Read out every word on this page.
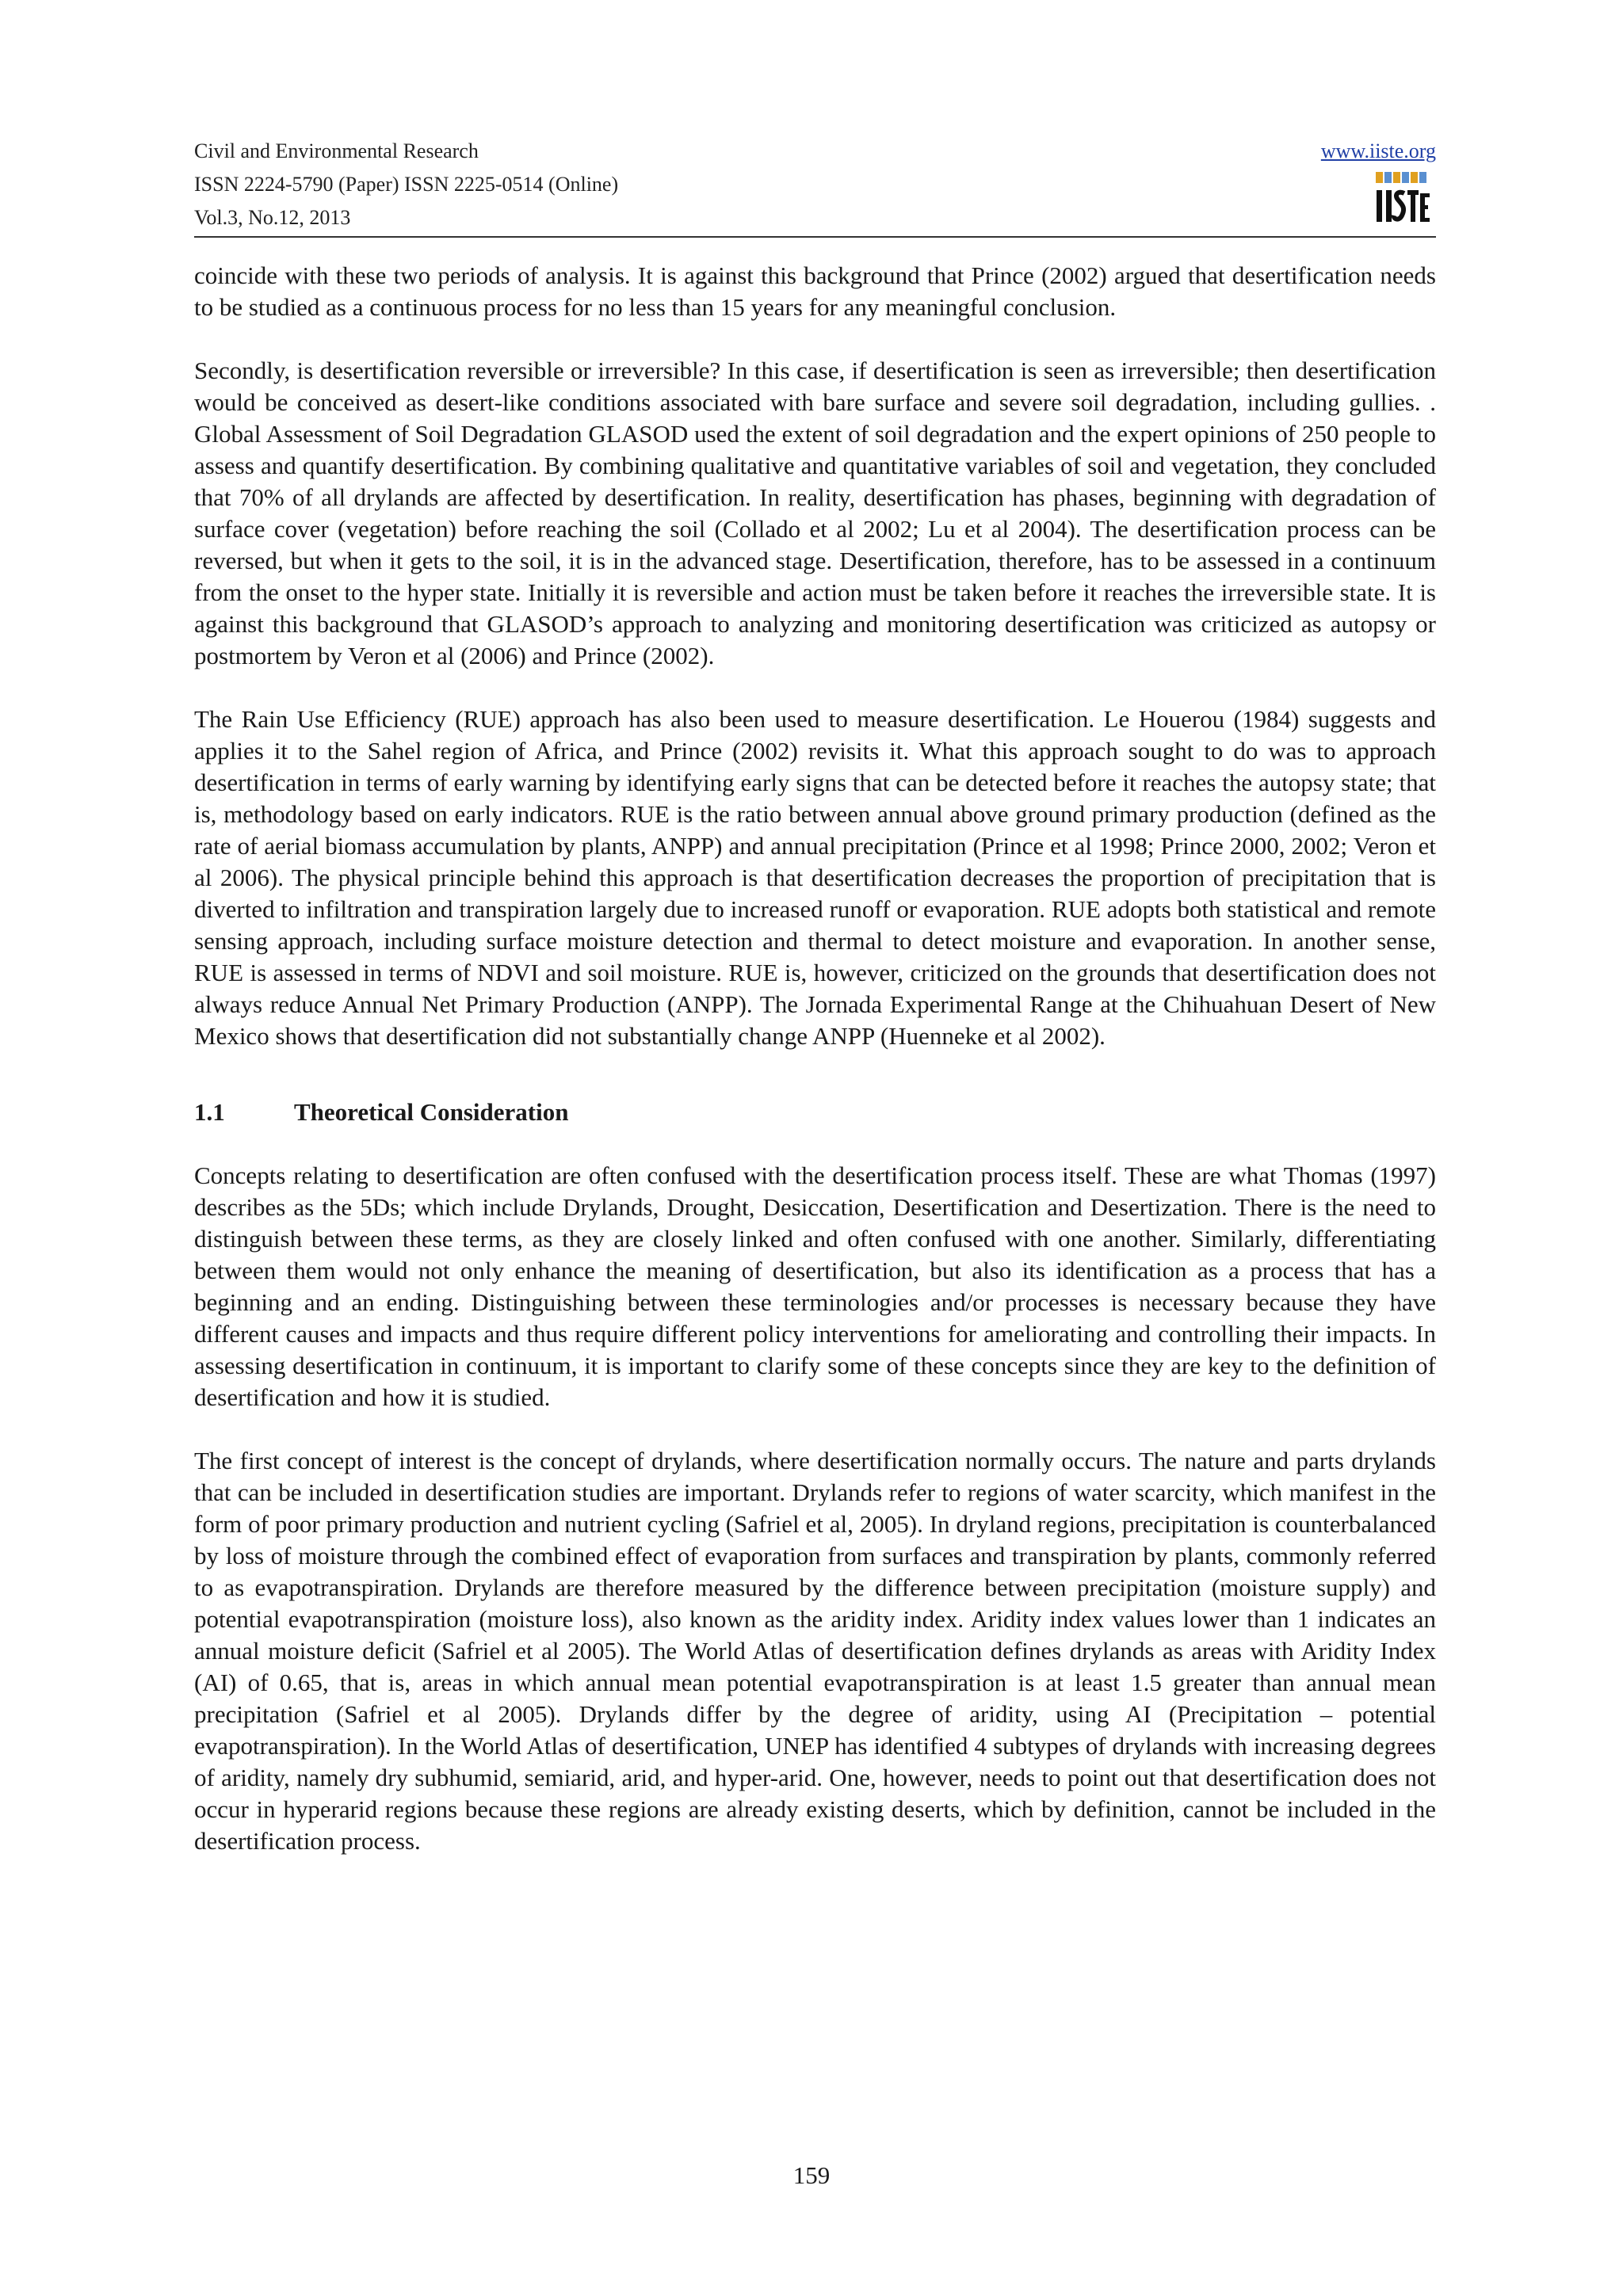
Civil and Environmental Research
ISSN 2224-5790 (Paper) ISSN 2225-0514 (Online)
Vol.3, No.12, 2013
www.iiste.org

coincide with these two periods of analysis. It is against this background that Prince (2002) argued that desertification needs to be studied as a continuous process for no less than 15 years for any meaningful conclusion.

Secondly, is desertification reversible or irreversible? In this case, if desertification is seen as irreversible; then desertification would be conceived as desert-like conditions associated with bare surface and severe soil degradation, including gullies. . Global Assessment of Soil Degradation GLASOD used the extent of soil degradation and the expert opinions of 250 people to assess and quantify desertification. By combining qualitative and quantitative variables of soil and vegetation, they concluded that 70% of all drylands are affected by desertification. In reality, desertification has phases, beginning with degradation of surface cover (vegetation) before reaching the soil (Collado et al 2002; Lu et al 2004). The desertification process can be reversed, but when it gets to the soil, it is in the advanced stage. Desertification, therefore, has to be assessed in a continuum from the onset to the hyper state. Initially it is reversible and action must be taken before it reaches the irreversible state. It is against this background that GLASOD’s approach to analyzing and monitoring desertification was criticized as autopsy or postmortem by Veron et al (2006) and Prince (2002).

The Rain Use Efficiency (RUE) approach has also been used to measure desertification. Le Houerou (1984) suggests and applies it to the Sahel region of Africa, and Prince (2002) revisits it. What this approach sought to do was to approach desertification in terms of early warning by identifying early signs that can be detected before it reaches the autopsy state; that is, methodology based on early indicators. RUE is the ratio between annual above ground primary production (defined as the rate of aerial biomass accumulation by plants, ANPP) and annual precipitation (Prince et al 1998; Prince 2000, 2002; Veron et al 2006). The physical principle behind this approach is that desertification decreases the proportion of precipitation that is diverted to infiltration and transpiration largely due to increased runoff or evaporation. RUE adopts both statistical and remote sensing approach, including surface moisture detection and thermal to detect moisture and evaporation. In another sense, RUE is assessed in terms of NDVI and soil moisture. RUE is, however, criticized on the grounds that desertification does not always reduce Annual Net Primary Production (ANPP). The Jornada Experimental Range at the Chihuahuan Desert of New Mexico shows that desertification did not substantially change ANPP (Huenneke et al 2002).

1.1	Theoretical Consideration

Concepts relating to desertification are often confused with the desertification process itself. These are what Thomas (1997) describes as the 5Ds; which include Drylands, Drought, Desiccation, Desertification and Desertization. There is the need to distinguish between these terms, as they are closely linked and often confused with one another. Similarly, differentiating between them would not only enhance the meaning of desertification, but also its identification as a process that has a beginning and an ending. Distinguishing between these terminologies and/or processes is necessary because they have different causes and impacts and thus require different policy interventions for ameliorating and controlling their impacts. In assessing desertification in continuum, it is important to clarify some of these concepts since they are key to the definition of desertification and how it is studied.

The first concept of interest is the concept of drylands, where desertification normally occurs. The nature and parts drylands that can be included in desertification studies are important. Drylands refer to regions of water scarcity, which manifest in the form of poor primary production and nutrient cycling (Safriel et al, 2005). In dryland regions, precipitation is counterbalanced by loss of moisture through the combined effect of evaporation from surfaces and transpiration by plants, commonly referred to as evapotranspiration. Drylands are therefore measured by the difference between precipitation (moisture supply) and potential evapotranspiration (moisture loss), also known as the aridity index. Aridity index values lower than 1 indicates an annual moisture deficit (Safriel et al 2005). The World Atlas of desertification defines drylands as areas with Aridity Index (AI) of 0.65, that is, areas in which annual mean potential evapotranspiration is at least 1.5 greater than annual mean precipitation (Safriel et al 2005). Drylands differ by the degree of aridity, using AI (Precipitation – potential evapotranspiration). In the World Atlas of desertification, UNEP has identified 4 subtypes of drylands with increasing degrees of aridity, namely dry subhumid, semiarid, arid, and hyper-arid. One, however, needs to point out that desertification does not occur in hyperarid regions because these regions are already existing deserts, which by definition, cannot be included in the desertification process.

159
